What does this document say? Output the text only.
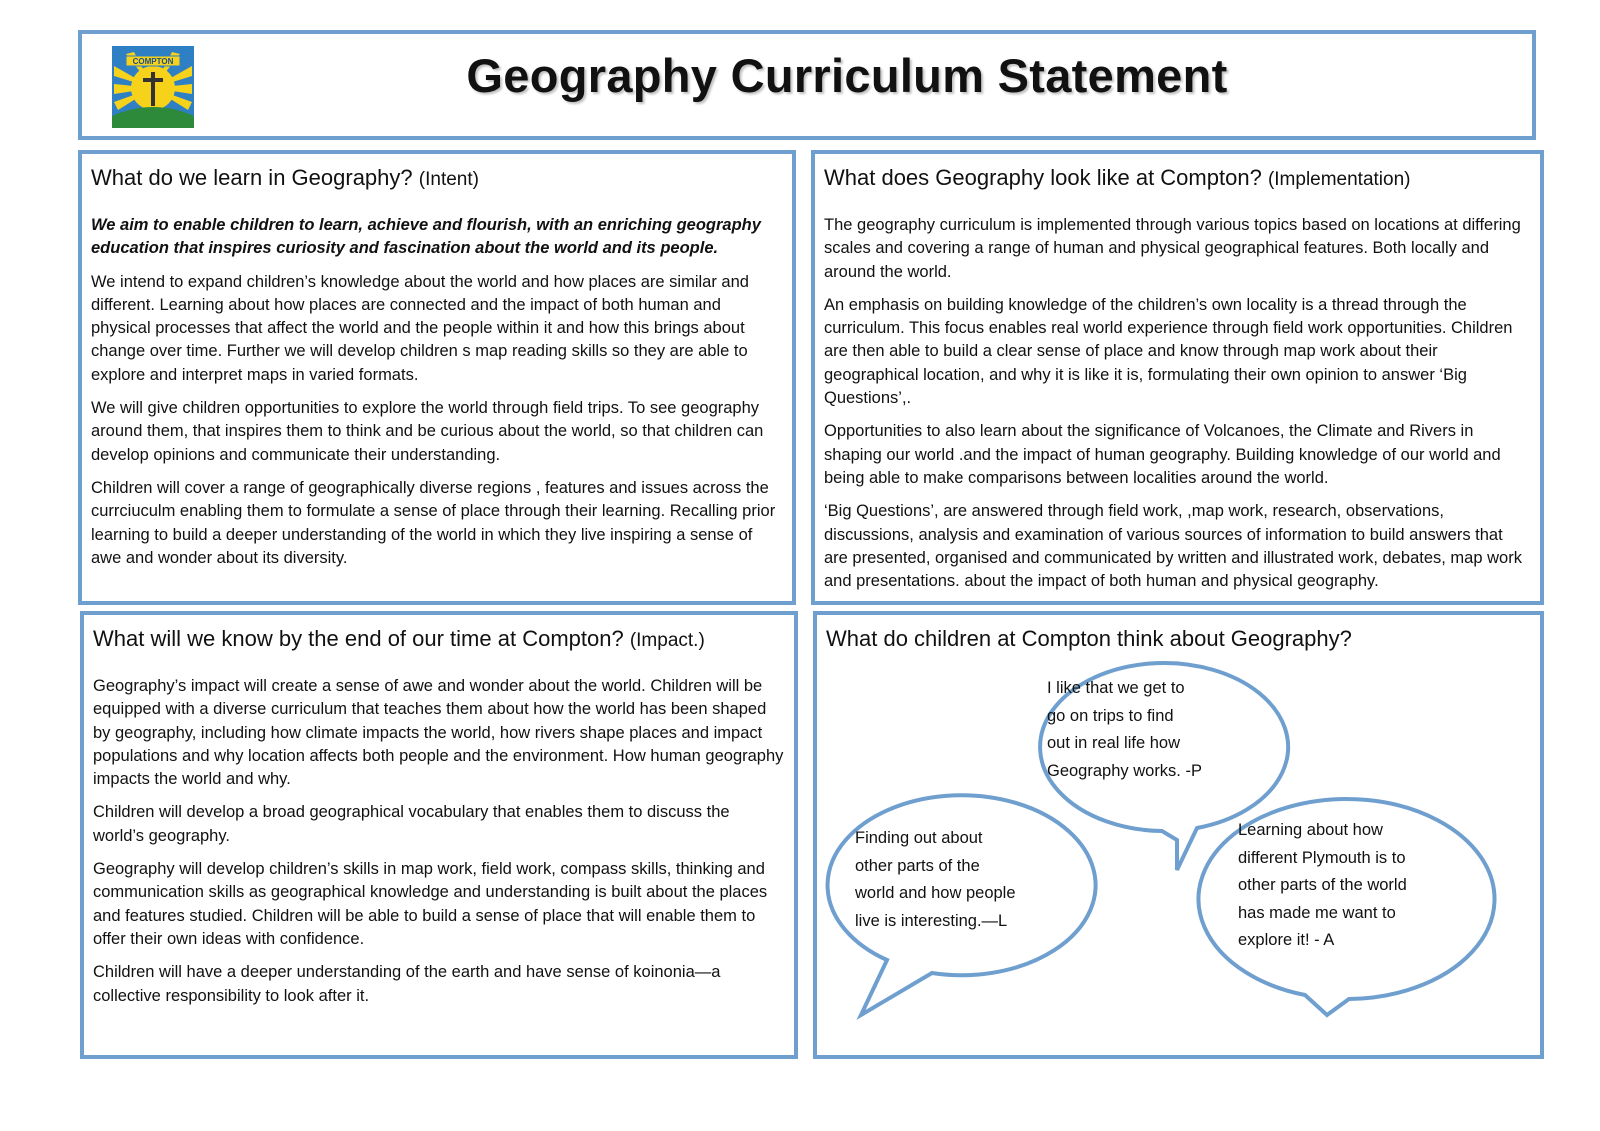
COMPTON	Geography Curriculum Statement
What do we learn in Geography? (Intent)

We aim to enable children to learn, achieve and flourish, with an enriching geography education that inspires curiosity and fascination about the world and its people.

We intend to expand children’s knowledge about the world and how places are similar and different. Learning about how places are connected and the impact of both human and physical processes that affect the world and the people within it and how this brings about change over time. Further we will develop children s map reading skills so they are able to explore and interpret maps in varied formats.

We will give children opportunities to explore the world through field trips. To see geography around them, that inspires them to think and be curious about the world, so that children can develop opinions and communicate their understanding.

Children will cover a range of geographically diverse regions , features and issues across the currciuculm enabling them to formulate a sense of place through their learning. Recalling prior learning to build a deeper understanding of the world in which they live inspiring a sense of awe and wonder about its diversity.

What does Geography look like at Compton? (Implementation)

The geography curriculum is implemented through various topics based on locations at differing scales and covering a range of human and physical geographical features. Both locally and around the world.

An emphasis on building knowledge of the children’s own locality is a thread through the curriculum. This focus enables real world experience through field work opportunities. Children are then able to build a clear sense of place and know through map work about their geographical location, and why it is like it is, formulating their own opinion to answer ‘Big Questions’,.

Opportunities to also learn about the significance of Volcanoes, the Climate and Rivers in shaping our world .and the impact of human geography. Building knowledge of our world and being able to make comparisons between localities around the world.

‘Big Questions’, are answered through field work, ,map work, research, observations, discussions, analysis and examination of various sources of information to build answers that are presented, organised and communicated by written and illustrated work, debates, map work and presentations. about the impact of both human and physical geography.

What will we know by the end of our time at Compton? (Impact.)

Geography’s impact will create a sense of awe and wonder about the world. Children will be equipped with a diverse curriculum that teaches them about how the world has been shaped by geography, including how climate impacts the world, how rivers shape places and impact populations and why location affects both people and the environment. How human geography impacts the world and why.

Children will develop a broad geographical vocabulary that enables them to discuss the world’s geography.

Geography will develop children’s skills in map work, field work, compass skills, thinking and communication skills as geographical knowledge and understanding is built about the places and features studied. Children will be able to build a sense of place that will enable them to offer their own ideas with confidence.

Children will have a deeper understanding of the earth and have sense of koinonia—a collective responsibility to look after it.

What do children at Compton think about Geography?
I like that we get to
go on trips to find
out in real life how
Geography works. -P
Finding out about
other parts of the
world and how people
live is interesting.—L
Learning about how
different Plymouth is to
other parts of the world
has made me want to
explore it! - A
